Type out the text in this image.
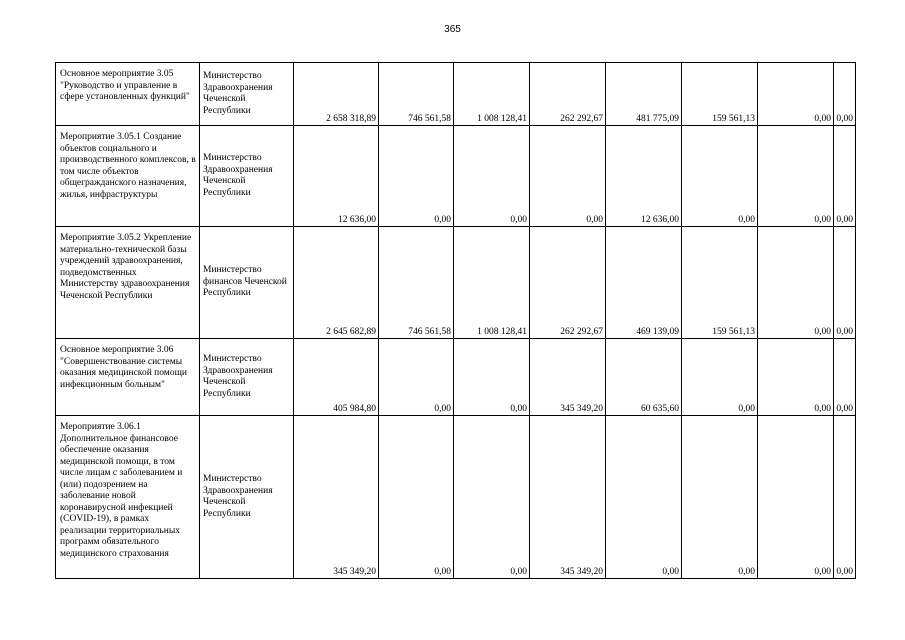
365
Основное мероприятие 3.05 "Руководство и управление в сфере установленных функций"	Министерство Здравоохранения Чеченской Республики	2 658 318,89	746 561,58	1 008 128,41	262 292,67	481 775,09	159 561,13	0,00	0,00
Мероприятие 3.05.1 Создание объектов социального и производственного комплексов, в том числе объектов общегражданского назначения, жилья, инфраструктуры	Министерство Здравоохранения Чеченской Республики	12 636,00	0,00	0,00	0,00	12 636,00	0,00	0,00	0,00
Мероприятие 3.05.2 Укрепление материально-технической базы учреждений здравоохранения, подведомственных Министерству здравоохранения Чеченской Республики	Министерство финансов Чеченской Республики	2 645 682,89	746 561,58	1 008 128,41	262 292,67	469 139,09	159 561,13	0,00	0,00
Основное мероприятие 3.06 "Совершенствование системы оказания медицинской помощи инфекционным больным"	Министерство Здравоохранения Чеченской Республики	405 984,80	0,00	0,00	345 349,20	60 635,60	0,00	0,00	0,00
Мероприятие 3.06.1 Дополнительное финансовое обеспечение оказания медицинской помощи, в том числе лицам с заболеванием и (или) подозрением на заболевание новой коронавирусной инфекцией (COVID-19), в рамках реализации территориальных программ обязательного медицинского страхования	Министерство Здравоохранения Чеченской Республики	345 349,20	0,00	0,00	345 349,20	0,00	0,00	0,00	0,00
